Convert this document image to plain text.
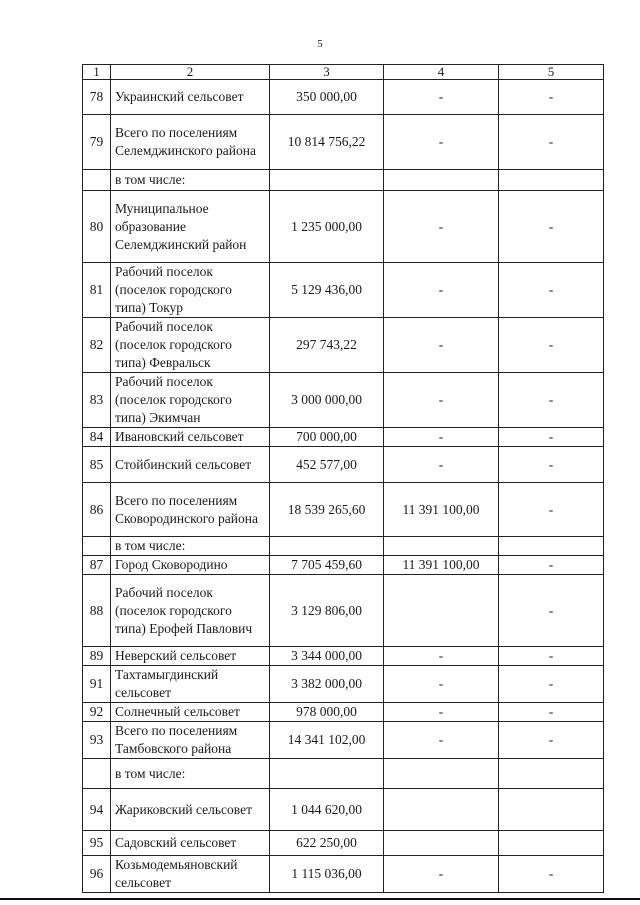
5
1	2	3	4	5
78	Украинский сельсовет	350 000,00	-	-
79	Всего по поселениям Селемджинского района	10 814 756,22	-	-
	в том числе:			
80	Муниципальное образование Селемджинский район	1 235 000,00	-	-
81	Рабочий поселок (поселок городского типа) Токур	5 129 436,00	-	-
82	Рабочий поселок (поселок городского типа) Февральск	297 743,22	-	-
83	Рабочий поселок (поселок городского типа) Экимчан	3 000 000,00	-	-
84	Ивановский сельсовет	700 000,00	-	-
85	Стойбинский сельсовет	452 577,00	-	-
86	Всего по поселениям Сковородинского района	18 539 265,60	11 391 100,00	-
	в том числе:			
87	Город Сковородино	7 705 459,60	11 391 100,00	-
88	Рабочий поселок (поселок городского типа) Ерофей Павлович	3 129 806,00		-
89	Неверский сельсовет	3 344 000,00	-	-
91	Тахтамыгдинский сельсовет	3 382 000,00	-	-
92	Солнечный сельсовет	978 000,00	-	-
93	Всего по поселениям Тамбовского района	14 341 102,00	-	-
	в том числе:			
94	Жариковский сельсовет	1 044 620,00		
95	Садовский сельсовет	622 250,00		
96	Козьмодемьяновский сельсовет	1 115 036,00	-	-
